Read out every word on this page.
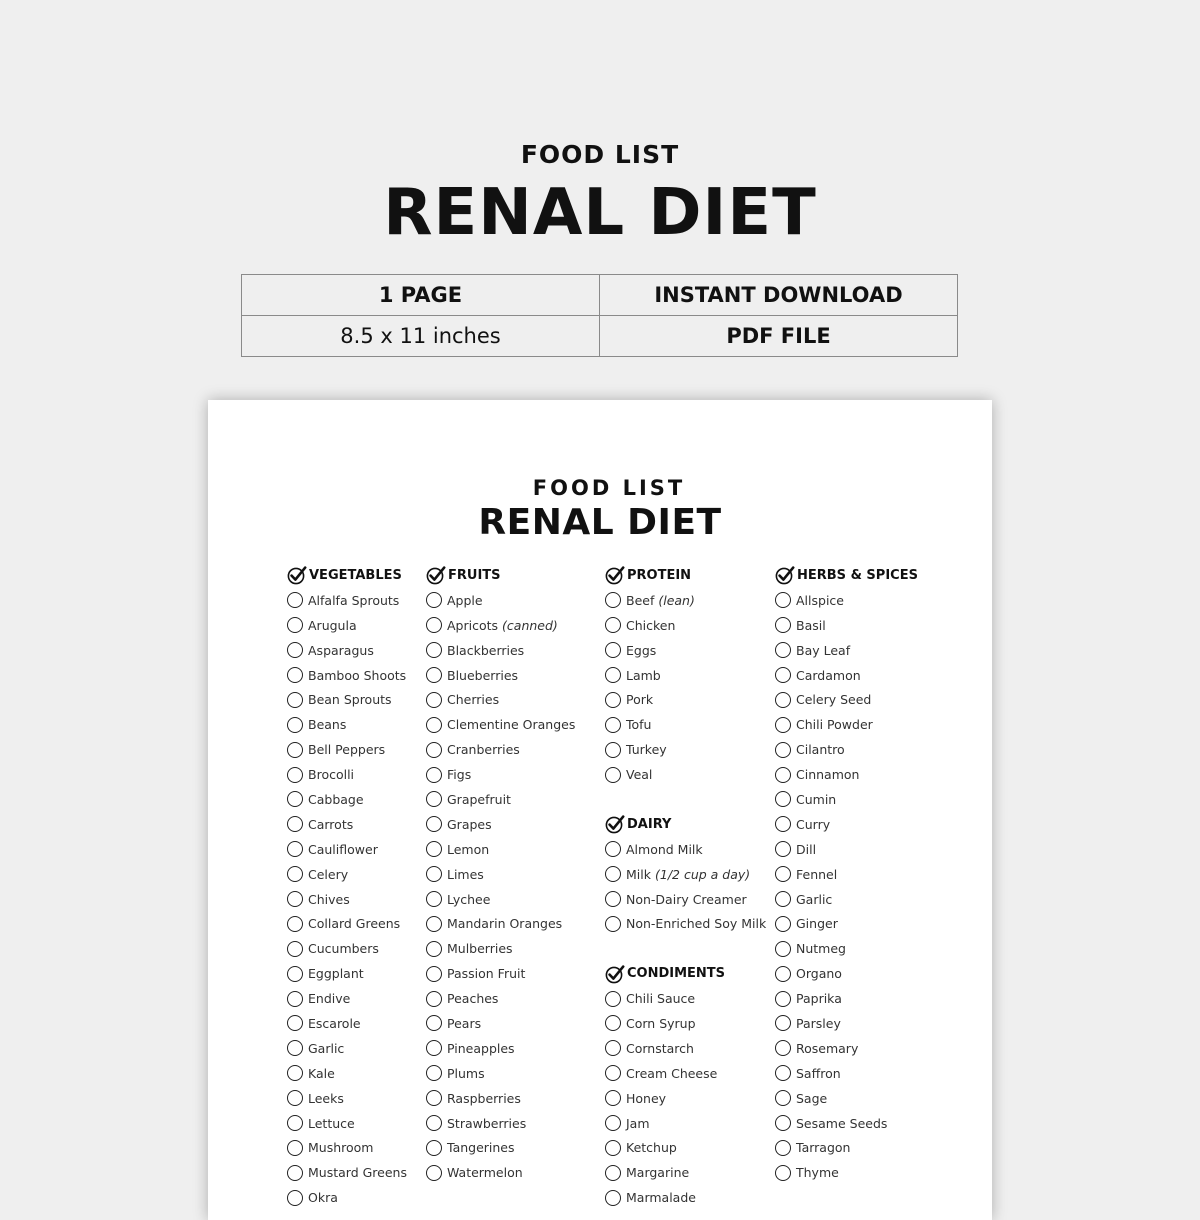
FOOD LIST
RENAL DIET
1 PAGE	INSTANT DOWNLOAD
8.5 x 11 inches	PDF FILE
FOOD LIST
RENAL DIET
VEGETABLES
Alfalfa Sprouts
Arugula
Asparagus
Bamboo Shoots
Bean Sprouts
Beans
Bell Peppers
Brocolli
Cabbage
Carrots
Cauliflower
Celery
Chives
Collard Greens
Cucumbers
Eggplant
Endive
Escarole
Garlic
Kale
Leeks
Lettuce
Mushroom
Mustard Greens
Okra
FRUITS
Apple
Apricots (canned)
Blackberries
Blueberries
Cherries
Clementine Oranges
Cranberries
Figs
Grapefruit
Grapes
Lemon
Limes
Lychee
Mandarin Oranges
Mulberries
Passion Fruit
Peaches
Pears
Pineapples
Plums
Raspberries
Strawberries
Tangerines
Watermelon
PROTEIN
Beef (lean)
Chicken
Eggs
Lamb
Pork
Tofu
Turkey
Veal
DAIRY
Almond Milk
Milk (1/2 cup a day)
Non-Dairy Creamer
Non-Enriched Soy Milk
CONDIMENTS
Chili Sauce
Corn Syrup
Cornstarch
Cream Cheese
Honey
Jam
Ketchup
Margarine
Marmalade
HERBS & SPICES
Allspice
Basil
Bay Leaf
Cardamon
Celery Seed
Chili Powder
Cilantro
Cinnamon
Cumin
Curry
Dill
Fennel
Garlic
Ginger
Nutmeg
Organo
Paprika
Parsley
Rosemary
Saffron
Sage
Sesame Seeds
Tarragon
Thyme
